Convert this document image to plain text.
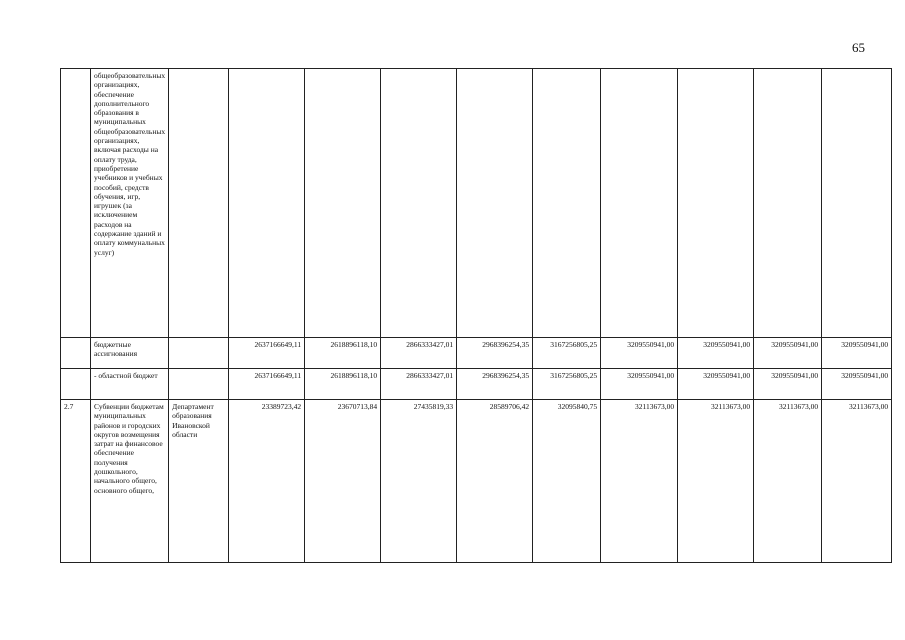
65
	общеобразовательных организациях, обеспечение дополнительного образования в муниципальных общеобразовательных организациях, включая расходы на оплату труда, приобретение учебников и учебных пособий, средств обучения, игр, игрушек (за исключением расходов на содержание зданий и оплату коммунальных услуг)										
	бюджетные ассигнования		2637166649,11	2618896118,10	2866333427,01	2968396254,35	3167256805,25	3209550941,00	3209550941,00	3209550941,00	3209550941,00
	- областной бюджет		2637166649,11	2618896118,10	2866333427,01	2968396254,35	3167256805,25	3209550941,00	3209550941,00	3209550941,00	3209550941,00
2.7	Субвенции бюджетам муниципальных районов и городских округов возмещения затрат на финансовое обеспечение получения дошкольного, начального общего, основного общего,	Департамент образования Ивановской области	23389723,42	23670713,84	27435819,33	28589706,42	32095840,75	32113673,00	32113673,00	32113673,00	32113673,00
